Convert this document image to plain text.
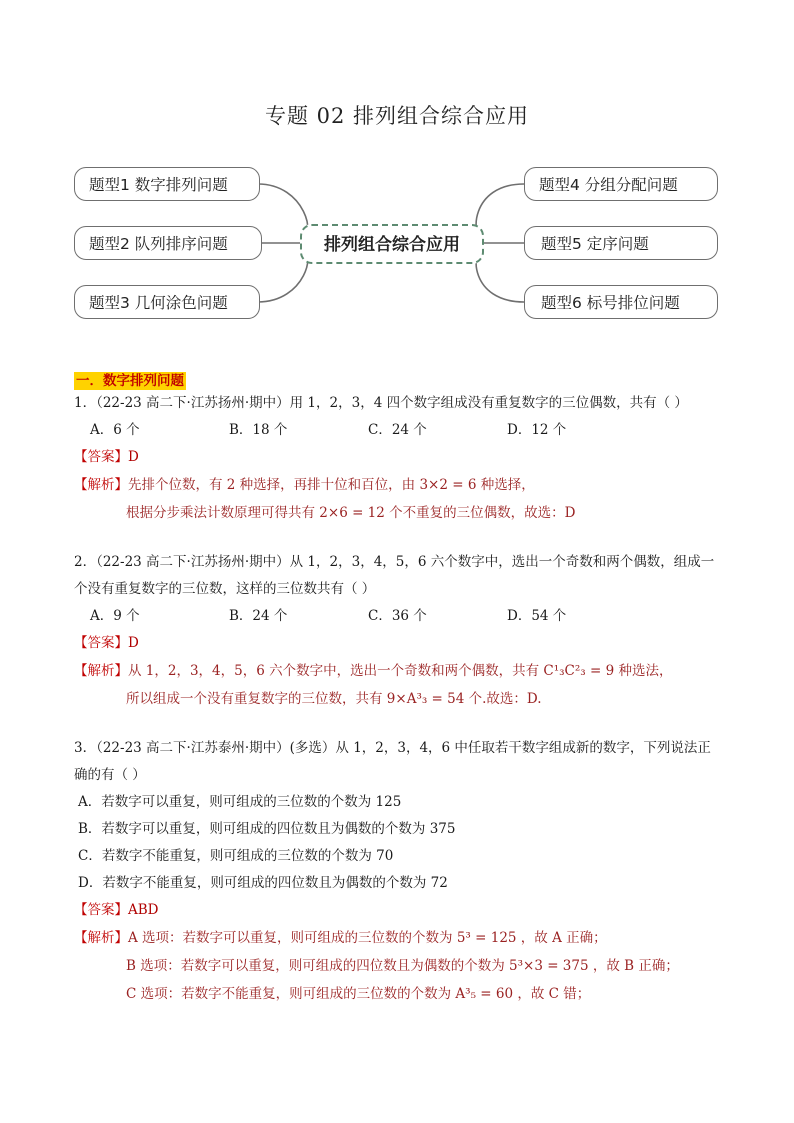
专题 02 排列组合综合应用
题型1 数字排列问题
题型2 队列排序问题
题型3 几何涂色问题
排列组合综合应用
题型4 分组分配问题
题型5 定序问题
题型6 标号排位问题
一．数字排列问题

1．（22-23 高二下·江苏扬州·期中）用 1，2，3，4 四个数字组成没有重复数字的三位偶数，共有（ ）

A．6 个	B．18 个	C．24 个	D．12 个
【答案】D
【解析】先排个位数，有 2 种选择，再排十位和百位，由 3×2 = 6 种选择，
根据分步乘法计数原理可得共有 2×6 = 12 个不重复的三位偶数，故选：D

2．（22-23 高二下·江苏扬州·期中）从 1，2，3，4，5，6 六个数字中，选出一个奇数和两个偶数，组成一个没有重复数字的三位数，这样的三位数共有（ ）

A．9 个	B．24 个	C．36 个	D．54 个
【答案】D
【解析】从 1，2，3，4，5，6 六个数字中，选出一个奇数和两个偶数，共有 C¹₃C²₃ = 9 种选法，
所以组成一个没有重复数字的三位数，共有 9×A³₃ = 54 个.故选：D.

3．（22-23 高二下·江苏泰州·期中）(多选）从 1，2，3，4，6 中任取若干数字组成新的数字，下列说法正确的有（ ）

A．若数字可以重复，则可组成的三位数的个数为 125
B．若数字可以重复，则可组成的四位数且为偶数的个数为 375
C．若数字不能重复，则可组成的三位数的个数为 70
D．若数字不能重复，则可组成的四位数且为偶数的个数为 72
【答案】ABD
【解析】A 选项：若数字可以重复，则可组成的三位数的个数为 5³ = 125 ，故 A 正确；
B 选项：若数字可以重复，则可组成的四位数且为偶数的个数为 5³×3 = 375 ，故 B 正确；
C 选项：若数字不能重复，则可组成的三位数的个数为 A³₅ = 60 ，故 C 错；
